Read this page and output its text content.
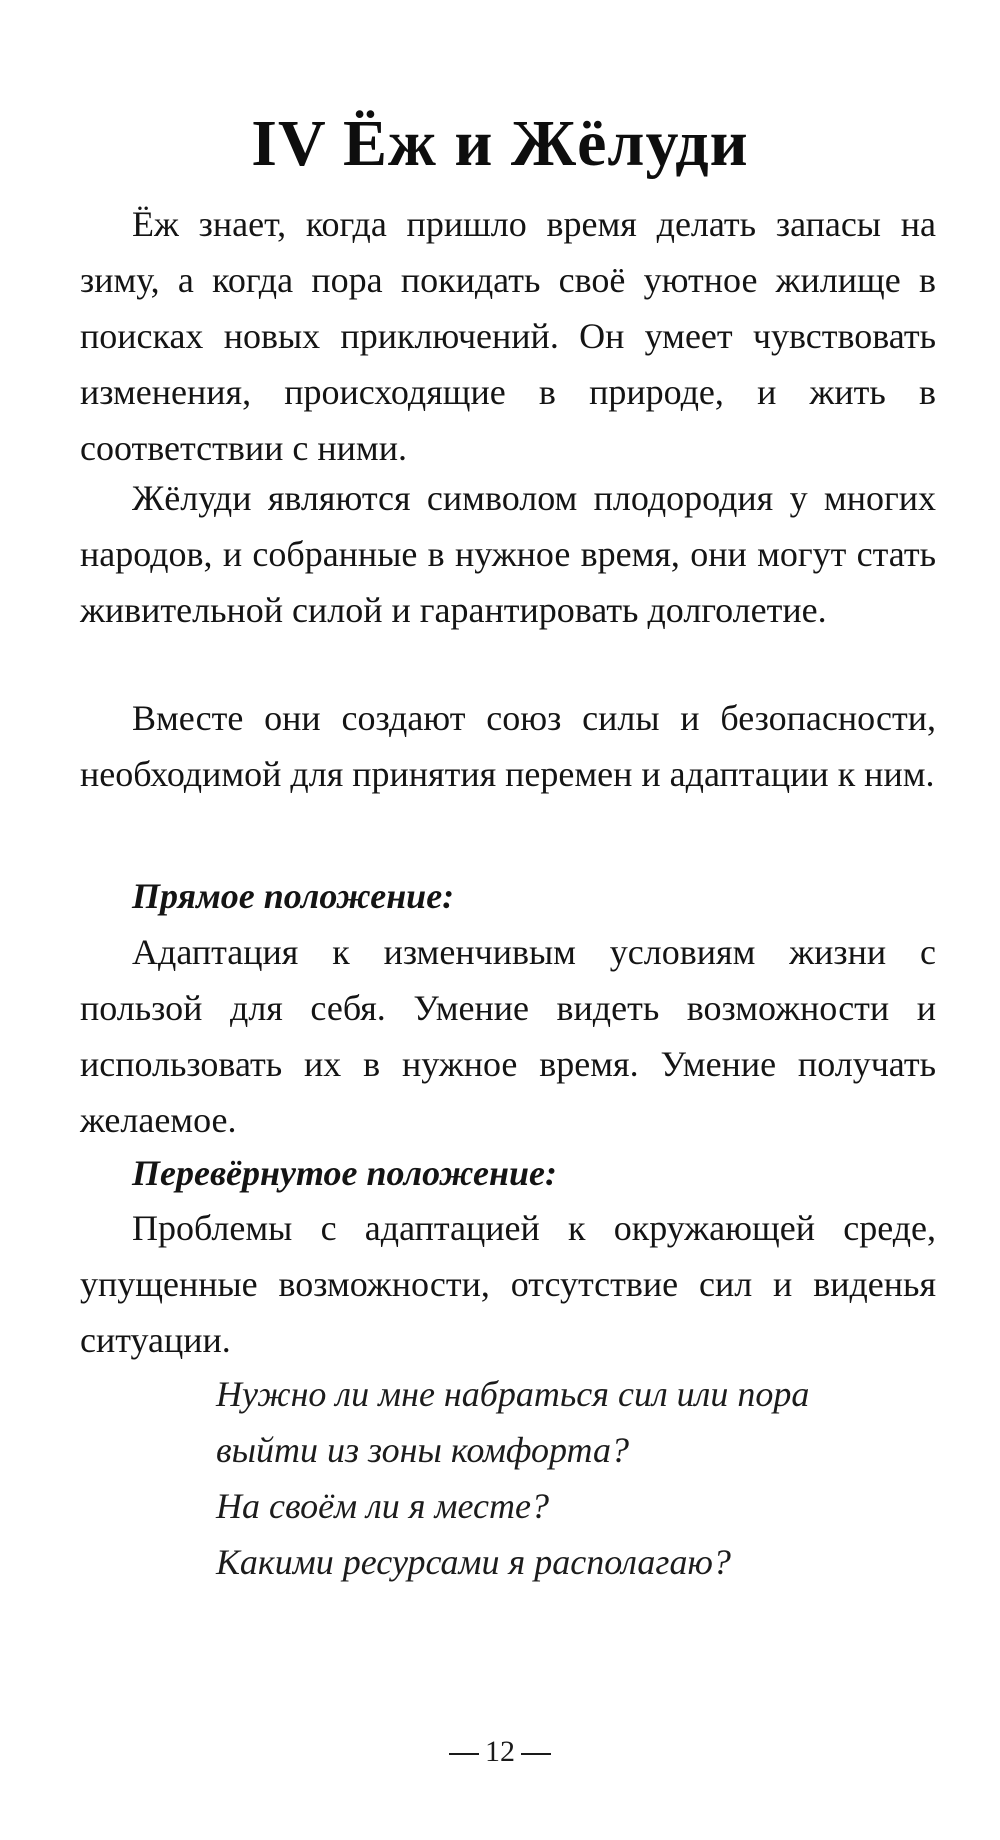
IV Ёж и Жёлуди

Ёж знает, когда пришло время делать запасы на зиму, а когда пора покидать своё уютное жилище в поисках новых приключений. Он умеет чувствовать изменения, происходящие в природе, и жить в соответствии с ними.

Жёлуди являются символом плодородия у многих народов, и собранные в нужное время, они могут стать живительной силой и гарантировать долголетие.

Вместе они создают союз силы и безопасности, необходимой для принятия перемен и адаптации к ним.

Прямое положение:

Адаптация к изменчивым условиям жизни с пользой для себя. Умение видеть возможности и использовать их в нужное время. Умение получать желаемое.

Перевёрнутое положение:

Проблемы с адаптацией к окружающей среде, упущенные возможности, отсутствие сил и виденья ситуации.

Нужно ли мне набраться сил или пора
выйти из зоны комфорта?
На своём ли я месте?
Какими ресурсами я располагаю?
12
